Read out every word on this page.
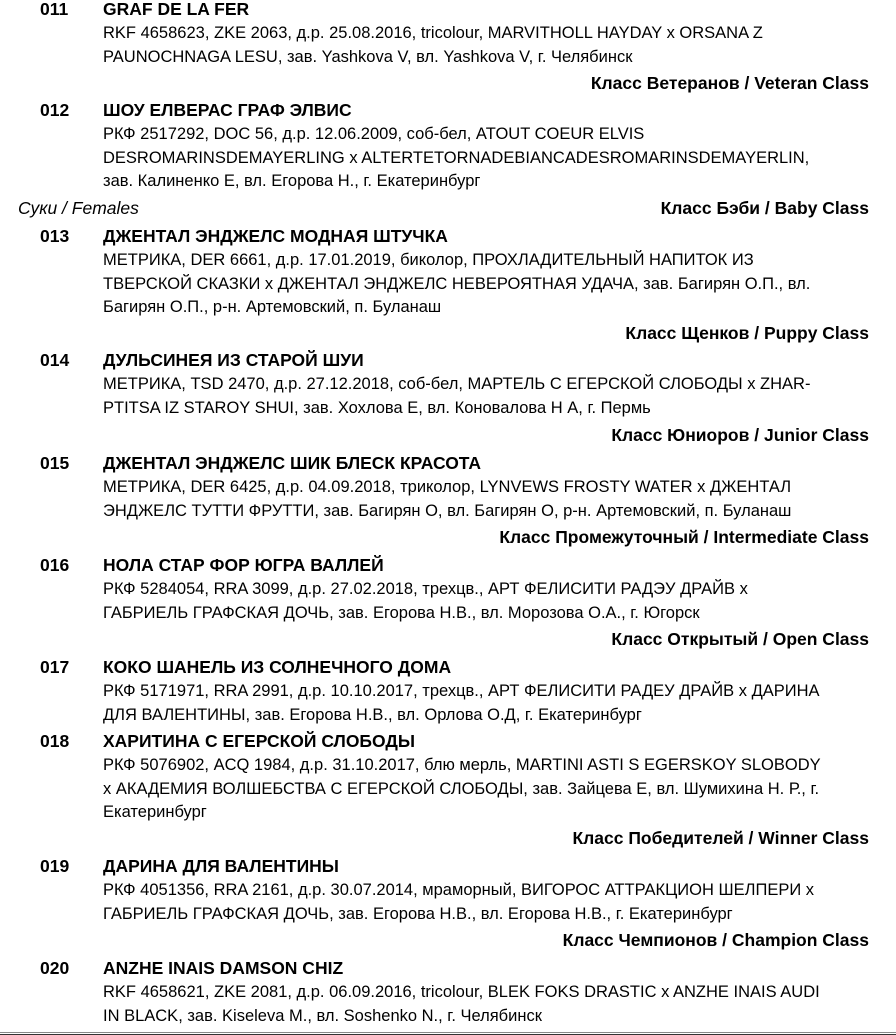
011 GRAF DE LA FER
RKF 4658623, ZKE 2063, д.р. 25.08.2016, tricolour, MARVITHOLL HAYDAY x ORSANA Z
PAUNOCHNAGA LESU, зав. Yashkova V, вл. Yashkova V, г. Челябинск
Класс Ветеранов / Veteran Class
012 ШОУ ЕЛВЕРАС ГРАФ ЭЛВИС
РКФ 2517292, DOC 56, д.р. 12.06.2009, соб-бел, ATOUT COEUR ELVIS
DESROMARINSDEMAYERLING x ALTERTETORNADEBIANCADESROMARINSDEMAYERLIN,
зав. Калиненко Е, вл. Егорова Н., г. Екатеринбург
Суки / Females	Класс Бэби / Baby Class
013 ДЖЕНТАЛ ЭНДЖЕЛС МОДНАЯ ШТУЧКА
МЕТРИКА, DER 6661, д.р. 17.01.2019, биколор, ПРОХЛАДИТЕЛЬНЫЙ НАПИТОК ИЗ
ТВЕРСКОЙ СКАЗКИ x ДЖЕНТАЛ ЭНДЖЕЛС НЕВЕРОЯТНАЯ УДАЧА, зав. Багирян О.П., вл.
Багирян О.П., р-н. Артемовский, п. Буланаш
Класс Щенков / Puppy Class
014 ДУЛЬСИНЕЯ ИЗ СТАРОЙ ШУИ
МЕТРИКА, TSD 2470, д.р. 27.12.2018, соб-бел, МАРТЕЛЬ С ЕГЕРСКОЙ СЛОБОДЫ x ZHAR-
PTITSA IZ STAROY SHUI, зав. Хохлова Е, вл. Коновалова Н А, г. Пермь
Класс Юниоров / Junior Class
015 ДЖЕНТАЛ ЭНДЖЕЛС ШИК БЛЕСК КРАСОТА
МЕТРИКА, DER 6425, д.р. 04.09.2018, триколор, LYNVEWS FROSTY WATER x ДЖЕНТАЛ
ЭНДЖЕЛС ТУТТИ ФРУТТИ, зав. Багирян О, вл. Багирян О, р-н. Артемовский, п. Буланаш
Класс Промежуточный / Intermediate Class
016 НОЛА СТАР ФОР ЮГРА ВАЛЛЕЙ
РКФ 5284054, RRA 3099, д.р. 27.02.2018, трехцв., АРТ ФЕЛИСИТИ РАДЭУ ДРАЙВ x
ГАБРИЕЛЬ ГРАФСКАЯ ДОЧЬ, зав. Егорова Н.В., вл. Морозова О.А., г. Югорск
Класс Открытый / Open Class
017 КОКО ШАНЕЛЬ ИЗ СОЛНЕЧНОГО ДОМА
РКФ 5171971, RRA 2991, д.р. 10.10.2017, трехцв., АРТ ФЕЛИСИТИ РАДЕУ ДРАЙВ x ДАРИНА
ДЛЯ ВАЛЕНТИНЫ, зав. Егорова Н.В., вл. Орлова О.Д, г. Екатеринбург
018 ХАРИТИНА С ЕГЕРСКОЙ СЛОБОДЫ
РКФ 5076902, ACQ 1984, д.р. 31.10.2017, блю мерль, MARTINI ASTI S EGERSKOY SLOBODY
x АКАДЕМИЯ ВОЛШЕБСТВА С ЕГЕРСКОЙ СЛОБОДЫ, зав. Зайцева Е, вл. Шумихина Н. Р., г.
Екатеринбург
Класс Победителей / Winner Class
019 ДАРИНА ДЛЯ ВАЛЕНТИНЫ
РКФ 4051356, RRA 2161, д.р. 30.07.2014, мраморный, ВИГОРОС АТТРАКЦИОН ШЕЛПЕРИ x
ГАБРИЕЛЬ ГРАФСКАЯ ДОЧЬ, зав. Егорова Н.В., вл. Егорова Н.В., г. Екатеринбург
Класс Чемпионов / Champion Class
020 ANZHE INAIS DAMSON CHIZ
RKF 4658621, ZKE 2081, д.р. 06.09.2016, tricolour, BLEK FOKS DRASTIC x ANZHE INAIS AUDI
IN BLACK, зав. Kiseleva M., вл. Soshenko N., г. Челябинск
